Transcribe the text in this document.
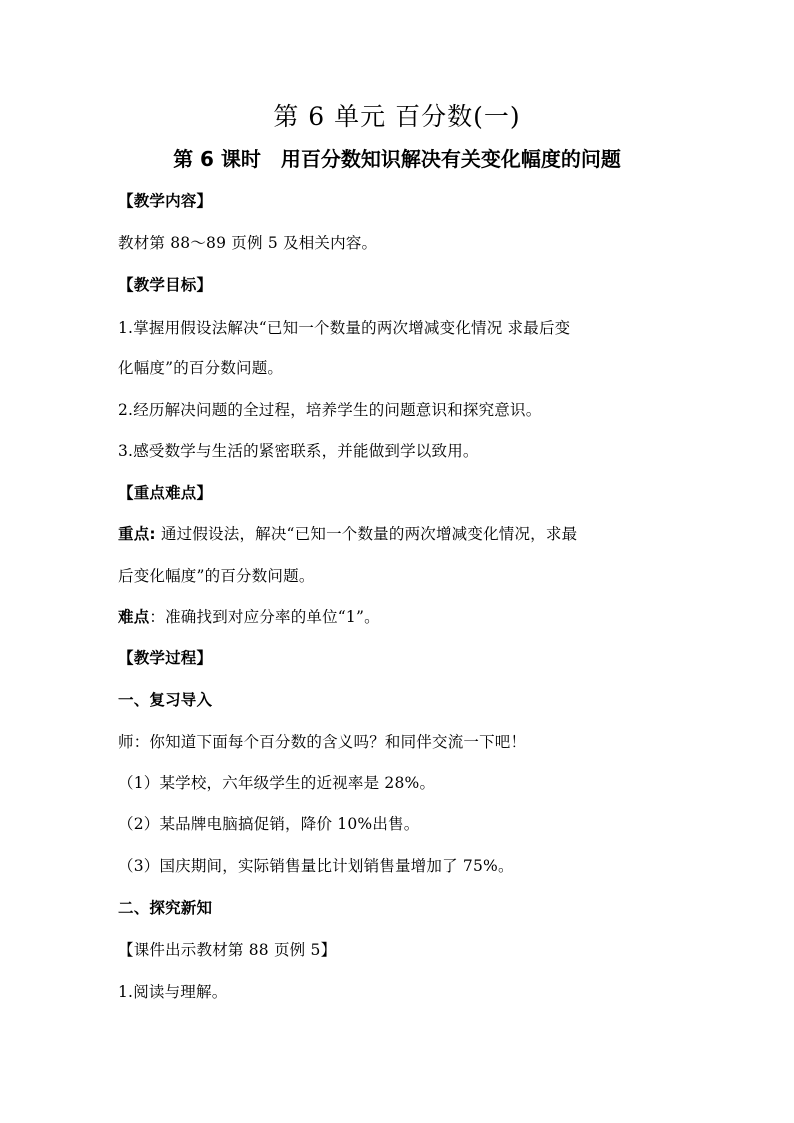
第 6 单元 百分数(一)
第 6 课时 用百分数知识解决有关变化幅度的问题
【教学内容】
教材第 88～89 页例 5 及相关内容。
【教学目标】
1.掌握用假设法解决“已知一个数量的两次增减变化情况 求最后变
化幅度”的百分数问题。
2.经历解决问题的全过程，培养学生的问题意识和探究意识。
3.感受数学与生活的紧密联系，并能做到学以致用。
【重点难点】
重点: 通过假设法，解决“已知一个数量的两次增减变化情况，求最
后变化幅度”的百分数问题。
难点：准确找到对应分率的单位“1”。
【教学过程】
一、复习导入
师：你知道下面每个百分数的含义吗？和同伴交流一下吧！
（1）某学校，六年级学生的近视率是 28%。
（2）某品牌电脑搞促销，降价 10%出售。
（3）国庆期间，实际销售量比计划销售量增加了 75%。
二、探究新知
【课件出示教材第 88 页例 5】
1.阅读与理解。
